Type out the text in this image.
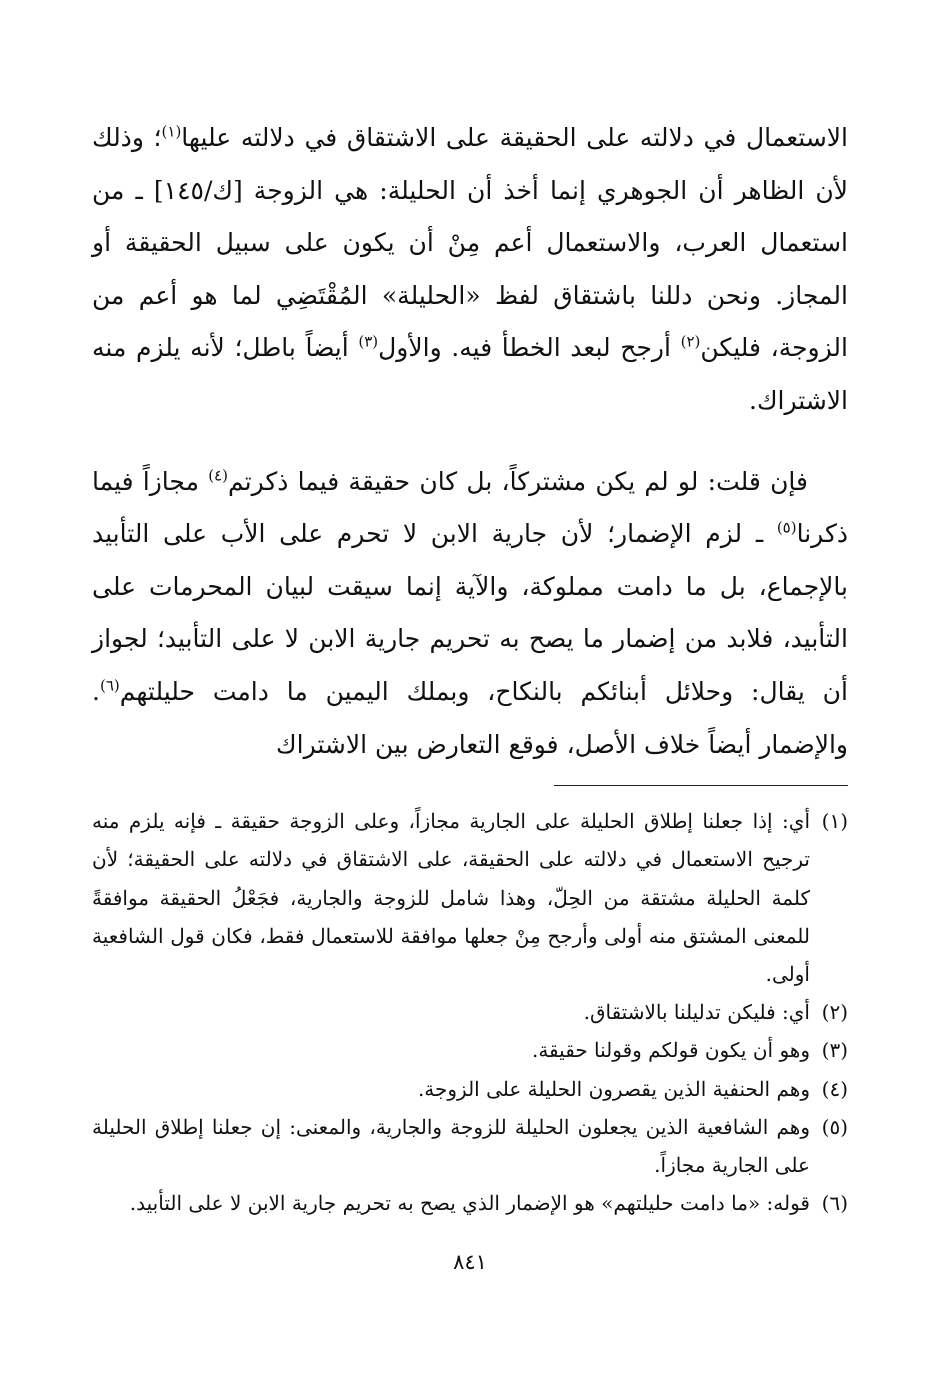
الاستعمال في دلالته على الحقيقة على الاشتقاق في دلالته عليها$^{(١)}$؛ وذلك لأن الظاهر أن الجوهري إنما أخذ أن الحليلة: هي الزوجة [ك/١٤٥] ـ من استعمال العرب، والاستعمال أعم مِنْ أن يكون على سبيل الحقيقة أو المجاز. ونحن دللنا باشتقاق لفظ «الحليلة» المُقْتَضِي لما هو أعم من الزوجة، فليكن$^{(٢)}$ أرجح لبعد الخطأ فيه. والأول$^{(٣)}$ أيضاً باطل؛ لأنه يلزم منه الاشتراك.

فإن قلت: لو لم يكن مشتركاً، بل كان حقيقة فيما ذكرتم$^{(٤)}$ مجازاً فيما ذكرنا$^{(٥)}$ ـ لزم الإضمار؛ لأن جارية الابن لا تحرم على الأب على التأبيد بالإجماع، بل ما دامت مملوكة، والآية إنما سيقت لبيان المحرمات على التأبيد، فلابد من إضمار ما يصح به تحريم جارية الابن لا على التأبيد؛ لجواز أن يقال: وحلائل أبنائكم بالنكاح، وبملك اليمين ما دامت حليلتهم$^{(٦)}$. والإضمار أيضاً خلاف الأصل، فوقع التعارض بين الاشتراك

(١)
أي: إذا جعلنا إطلاق الحليلة على الجارية مجازاً، وعلى الزوجة حقيقة ـ فإنه يلزم منه ترجيح الاستعمال في دلالته على الحقيقة، على الاشتقاق في دلالته على الحقيقة؛ لأن كلمة الحليلة مشتقة من الحِلّ، وهذا شامل للزوجة والجارية، فجَعْلُ الحقيقة موافقةً للمعنى المشتق منه أولى وأرجح مِنْ جعلها موافقة للاستعمال فقط، فكان قول الشافعية أولى.
(٢)
أي: فليكن تدليلنا بالاشتقاق.
(٣)
وهو أن يكون قولكم وقولنا حقيقة.
(٤)
وهم الحنفية الذين يقصرون الحليلة على الزوجة.
(٥)
وهم الشافعية الذين يجعلون الحليلة للزوجة والجارية، والمعنى: إن جعلنا إطلاق الحليلة على الجارية مجازاً.
(٦)
قوله: «ما دامت حليلتهم» هو الإضمار الذي يصح به تحريم جارية الابن لا على التأبيد.
٨٤١
